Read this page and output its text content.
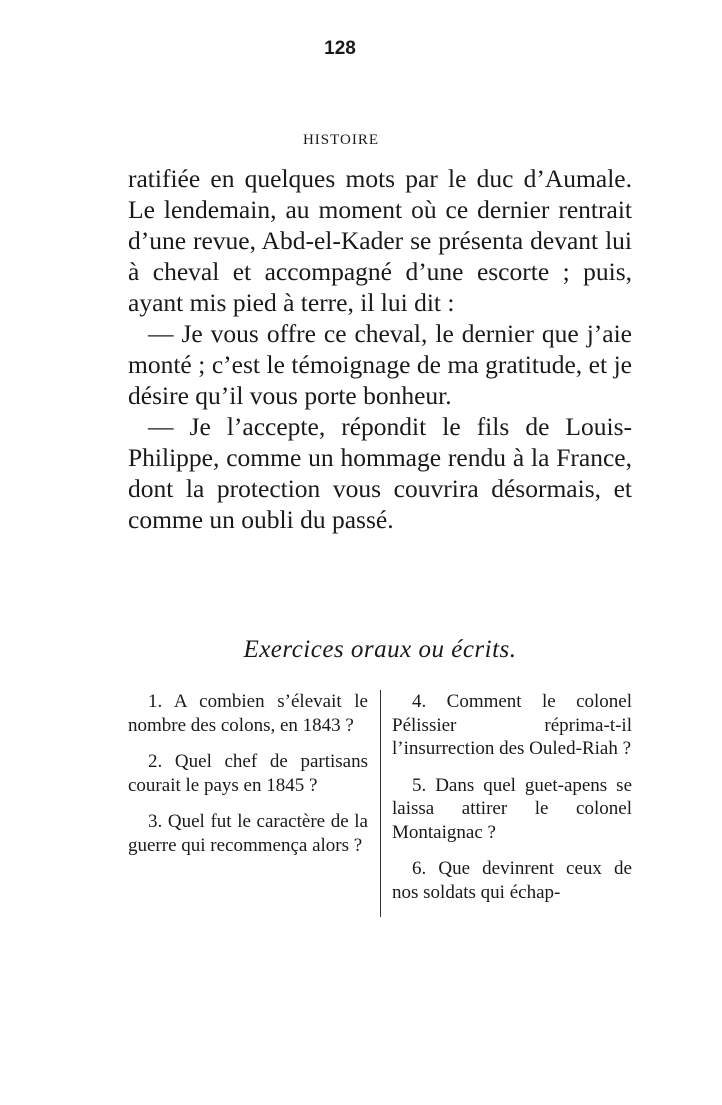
128
HISTOIRE

ratifiée en quelques mots par le duc d’Aumale. Le lendemain, au moment où ce dernier rentrait d’une revue, Abd-el-Kader se présenta devant lui à cheval et accompagné d’une escorte ; puis, ayant mis pied à terre, il lui dit :

— Je vous offre ce cheval, le dernier que j’aie monté ; c’est le témoignage de ma gratitude, et je désire qu’il vous porte bonheur.

— Je l’accepte, répondit le fils de Louis-Philippe, comme un hommage rendu à la France, dont la protection vous couvrira désormais, et comme un oubli du passé.

Exercices oraux ou écrits.

1. A combien s’élevait le nombre des colons, en 1843 ?

2. Quel chef de partisans courait le pays en 1845 ?

3. Quel fut le caractère de la guerre qui recommença alors ?

4. Comment le colonel Pélissier réprima-t-il l’insurrection des Ouled-Riah ?

5. Dans quel guet-apens se laissa attirer le colonel Montaignac ?

6. Que devinrent ceux de nos soldats qui échap-
